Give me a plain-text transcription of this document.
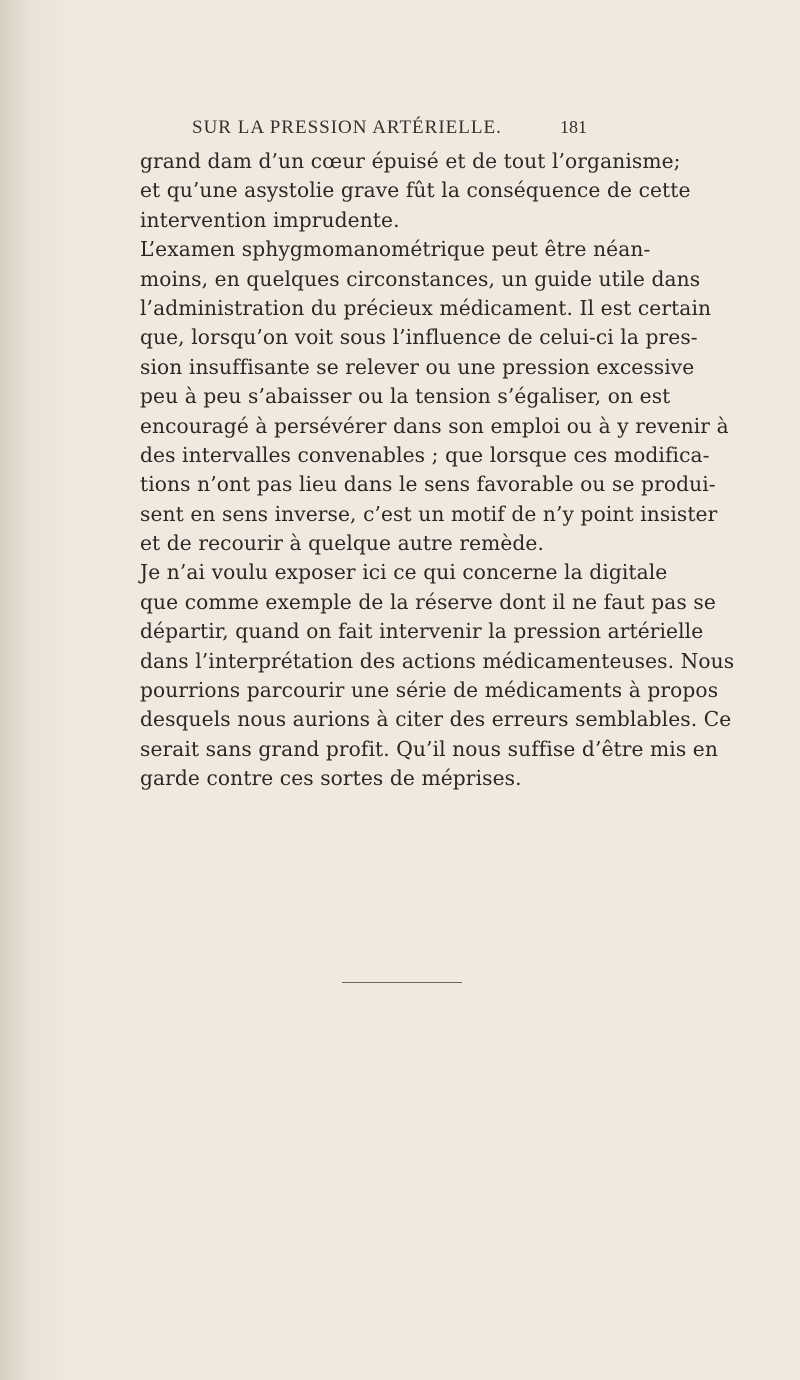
SUR LA PRESSION ARTÉRIELLE.	181
grand dam d’un cœur épuisé et de tout l’organisme;
et qu’une asystolie grave fût la conséquence de cette
intervention imprudente.
L’examen sphygmomanométrique peut être néan-
moins, en quelques circonstances, un guide utile dans
l’administration du précieux médicament. Il est certain
que, lorsqu’on voit sous l’influence de celui-ci la pres-
sion insuffisante se relever ou une pression excessive
peu à peu s’abaisser ou la tension s’égaliser, on est
encouragé à persévérer dans son emploi ou à y revenir à
des intervalles convenables ; que lorsque ces modifica-
tions n’ont pas lieu dans le sens favorable ou se produi-
sent en sens inverse, c’est un motif de n’y point insister
et de recourir à quelque autre remède.
Je n’ai voulu exposer ici ce qui concerne la digitale
que comme exemple de la réserve dont il ne faut pas se
départir, quand on fait intervenir la pression artérielle
dans l’interprétation des actions médicamenteuses. Nous
pourrions parcourir une série de médicaments à propos
desquels nous aurions à citer des erreurs semblables. Ce
serait sans grand profit. Qu’il nous suffise d’être mis en
garde contre ces sortes de méprises.
